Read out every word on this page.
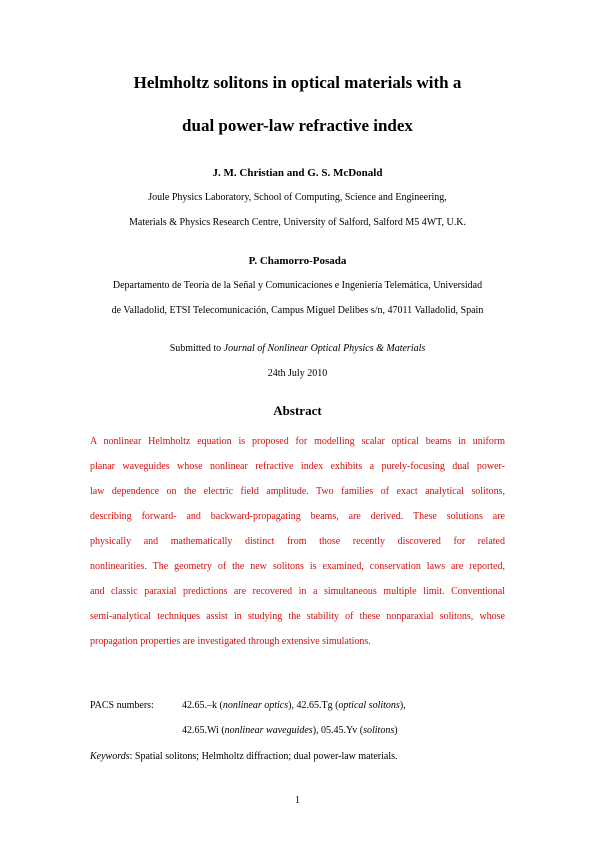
Helmholtz solitons in optical materials with a
dual power-law refractive index
J. M. Christian and G. S. McDonald
Joule Physics Laboratory, School of Computing, Science and Engineering,
Materials & Physics Research Centre, University of Salford, Salford M5 4WT, U.K.
P. Chamorro-Posada
Departamento de Teoría de la Señal y Comunicaciones e Ingeniería Telemática, Universidad
de Valladolid, ETSI Telecomunicación, Campus Miguel Delibes s/n, 47011 Valladolid, Spain
Submitted to Journal of Nonlinear Optical Physics & Materials
24th July 2010
Abstract
A nonlinear Helmholtz equation is proposed for modelling scalar optical beams in uniform
planar waveguides whose nonlinear refractive index exhibits a purely-focusing dual power-
law dependence on the electric field amplitude. Two families of exact analytical solitons,
describing forward- and backward-propagating beams, are derived. These solutions are
physically and mathematically distinct from those recently discovered for related
nonlinearities. The geometry of the new solitons is examined, conservation laws are reported,
and classic paraxial predictions are recovered in a simultaneous multiple limit. Conventional
semi-analytical techniques assist in studying the stability of these nonparaxial solitons, whose
propagation properties are investigated through extensive simulations.
PACS numbers:	42.65.–k (nonlinear optics), 42.65.Tg (optical solitons),
42.65.Wi (nonlinear waveguides), 05.45.Yv (solitons)
Keywords: Spatial solitons; Helmholtz diffraction; dual power-law materials.
1
